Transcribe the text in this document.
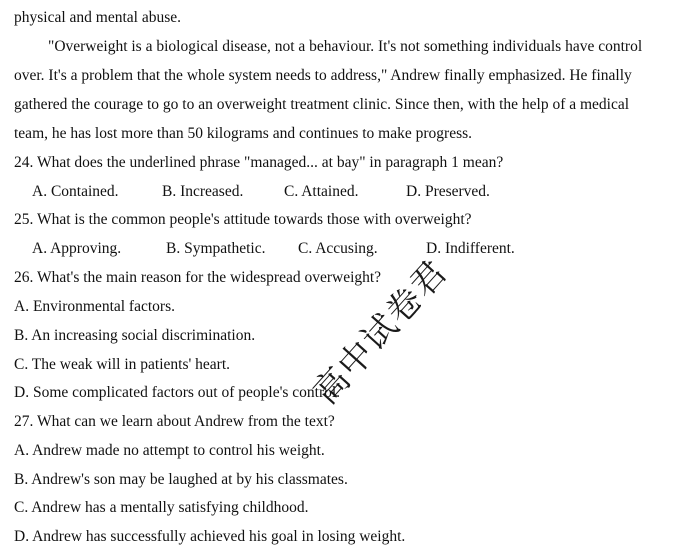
physical and mental abuse.
"Overweight is a biological disease, not a behaviour. It's not something individuals have control
over. It's a problem that the whole system needs to address," Andrew finally emphasized. He finally
gathered the courage to go to an overweight treatment clinic. Since then, with the help of a medical
team, he has lost more than 50 kilograms and continues to make progress.
24. What does the underlined phrase "managed... at bay" in paragraph 1 mean?
A. Contained.	B. Increased.	C. Attained.	D. Preserved.
25. What is the common people's attitude towards those with overweight?
A. Approving.	B. Sympathetic. C. Accusing.	D. Indifferent.
26. What's the main reason for the widespread overweight?
A. Environmental factors.
B. An increasing social discrimination.
C. The weak will in patients' heart.
D. Some complicated factors out of people's control.
27. What can we learn about Andrew from the text?
A. Andrew made no attempt to control his weight.
B. Andrew's son may be laughed at by his classmates.
C. Andrew has a mentally satisfying childhood.
D. Andrew has successfully achieved his goal in losing weight.
高中试卷君
